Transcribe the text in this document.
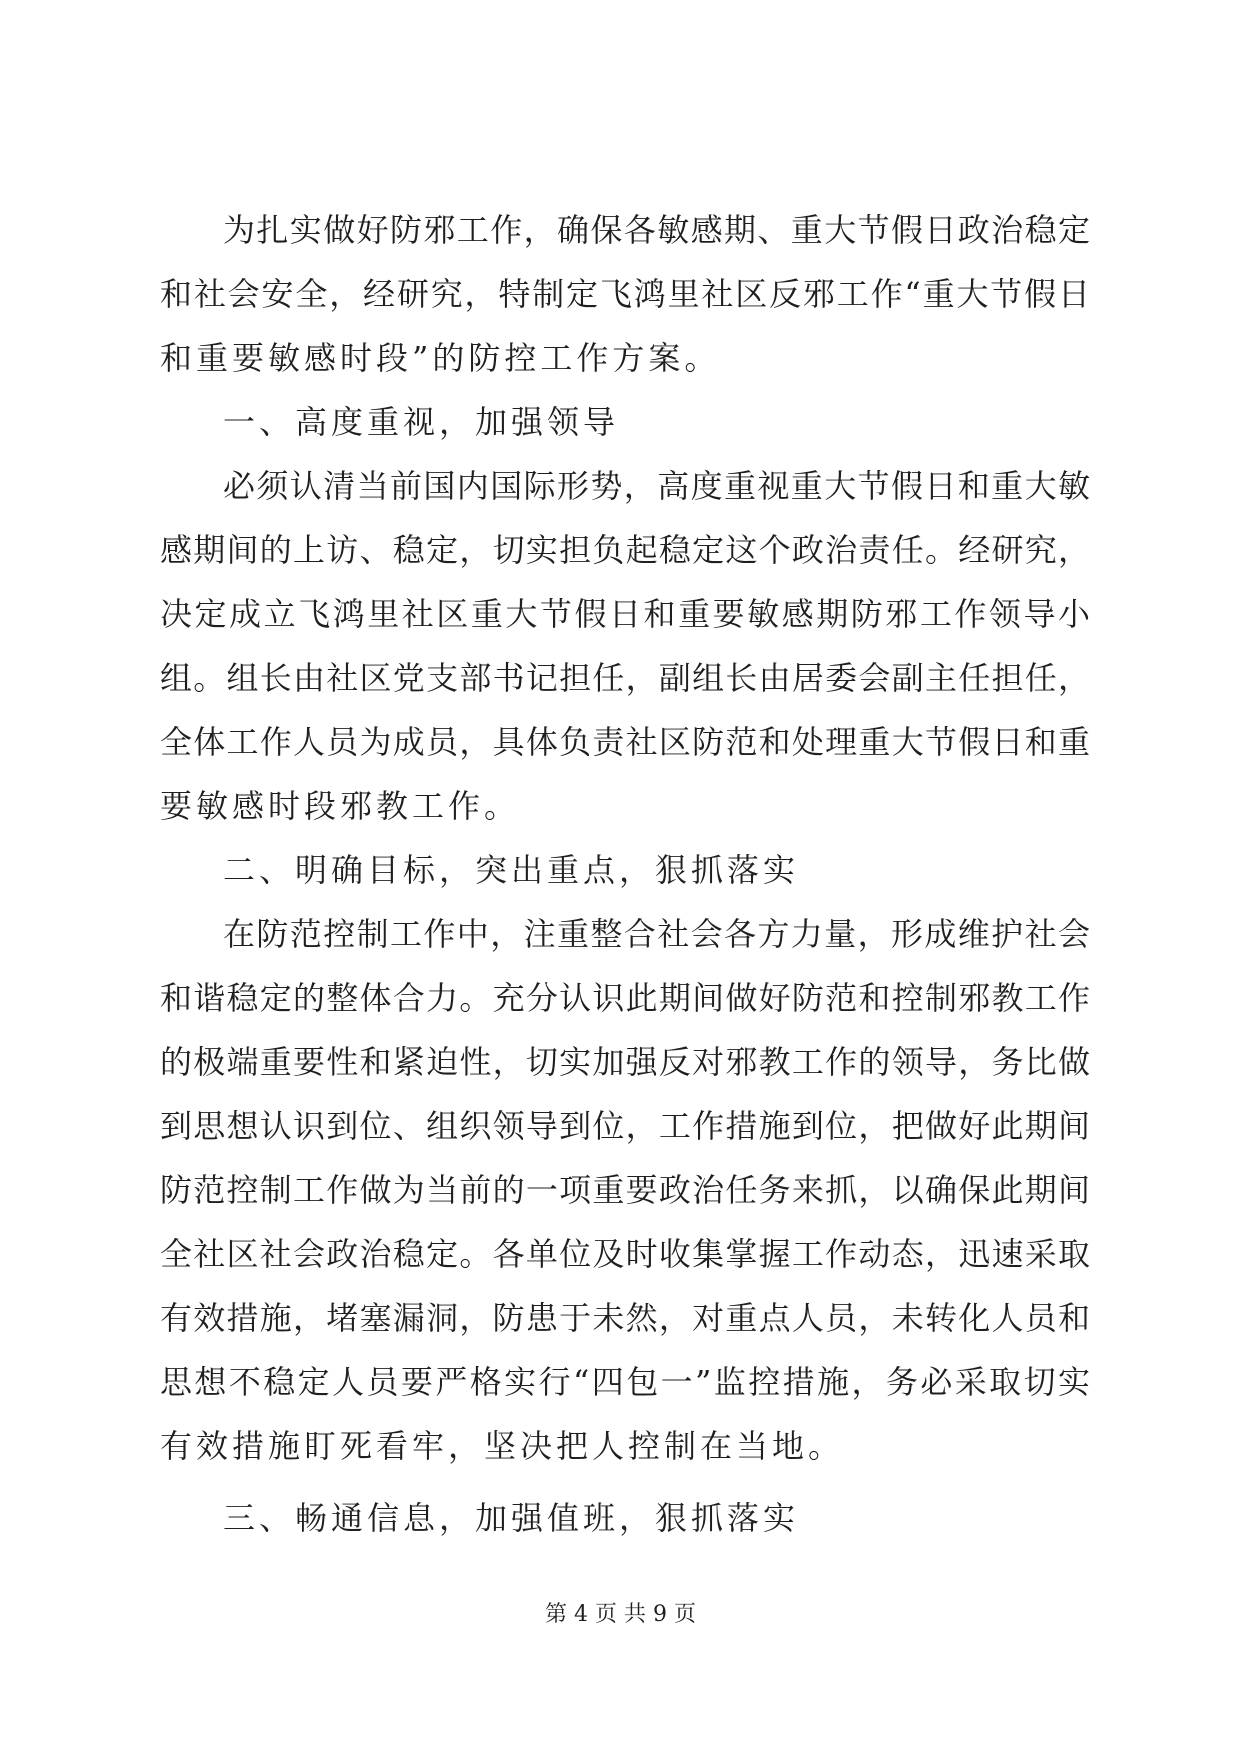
为扎实做好防邪工作，确保各敏感期、重大节假日政治稳定

和社会安全，经研究，特制定飞鸿里社区反邪工作“重大节假日

和重要敏感时段”的防控工作方案。

一、高度重视，加强领导

必须认清当前国内国际形势，高度重视重大节假日和重大敏

感期间的上访、稳定，切实担负起稳定这个政治责任。经研究，

决定成立飞鸿里社区重大节假日和重要敏感期防邪工作领导小

组。组长由社区党支部书记担任，副组长由居委会副主任担任，

全体工作人员为成员，具体负责社区防范和处理重大节假日和重

要敏感时段邪教工作。

二、明确目标，突出重点，狠抓落实

在防范控制工作中，注重整合社会各方力量，形成维护社会

和谐稳定的整体合力。充分认识此期间做好防范和控制邪教工作

的极端重要性和紧迫性，切实加强反对邪教工作的领导，务比做

到思想认识到位、组织领导到位，工作措施到位，把做好此期间

防范控制工作做为当前的一项重要政治任务来抓，以确保此期间

全社区社会政治稳定。各单位及时收集掌握工作动态，迅速采取

有效措施，堵塞漏洞，防患于未然，对重点人员，未转化人员和

思想不稳定人员要严格实行“四包一”监控措施，务必采取切实

有效措施盯死看牢，坚决把人控制在当地。

三、畅通信息，加强值班，狠抓落实

第 4 页 共 9 页
